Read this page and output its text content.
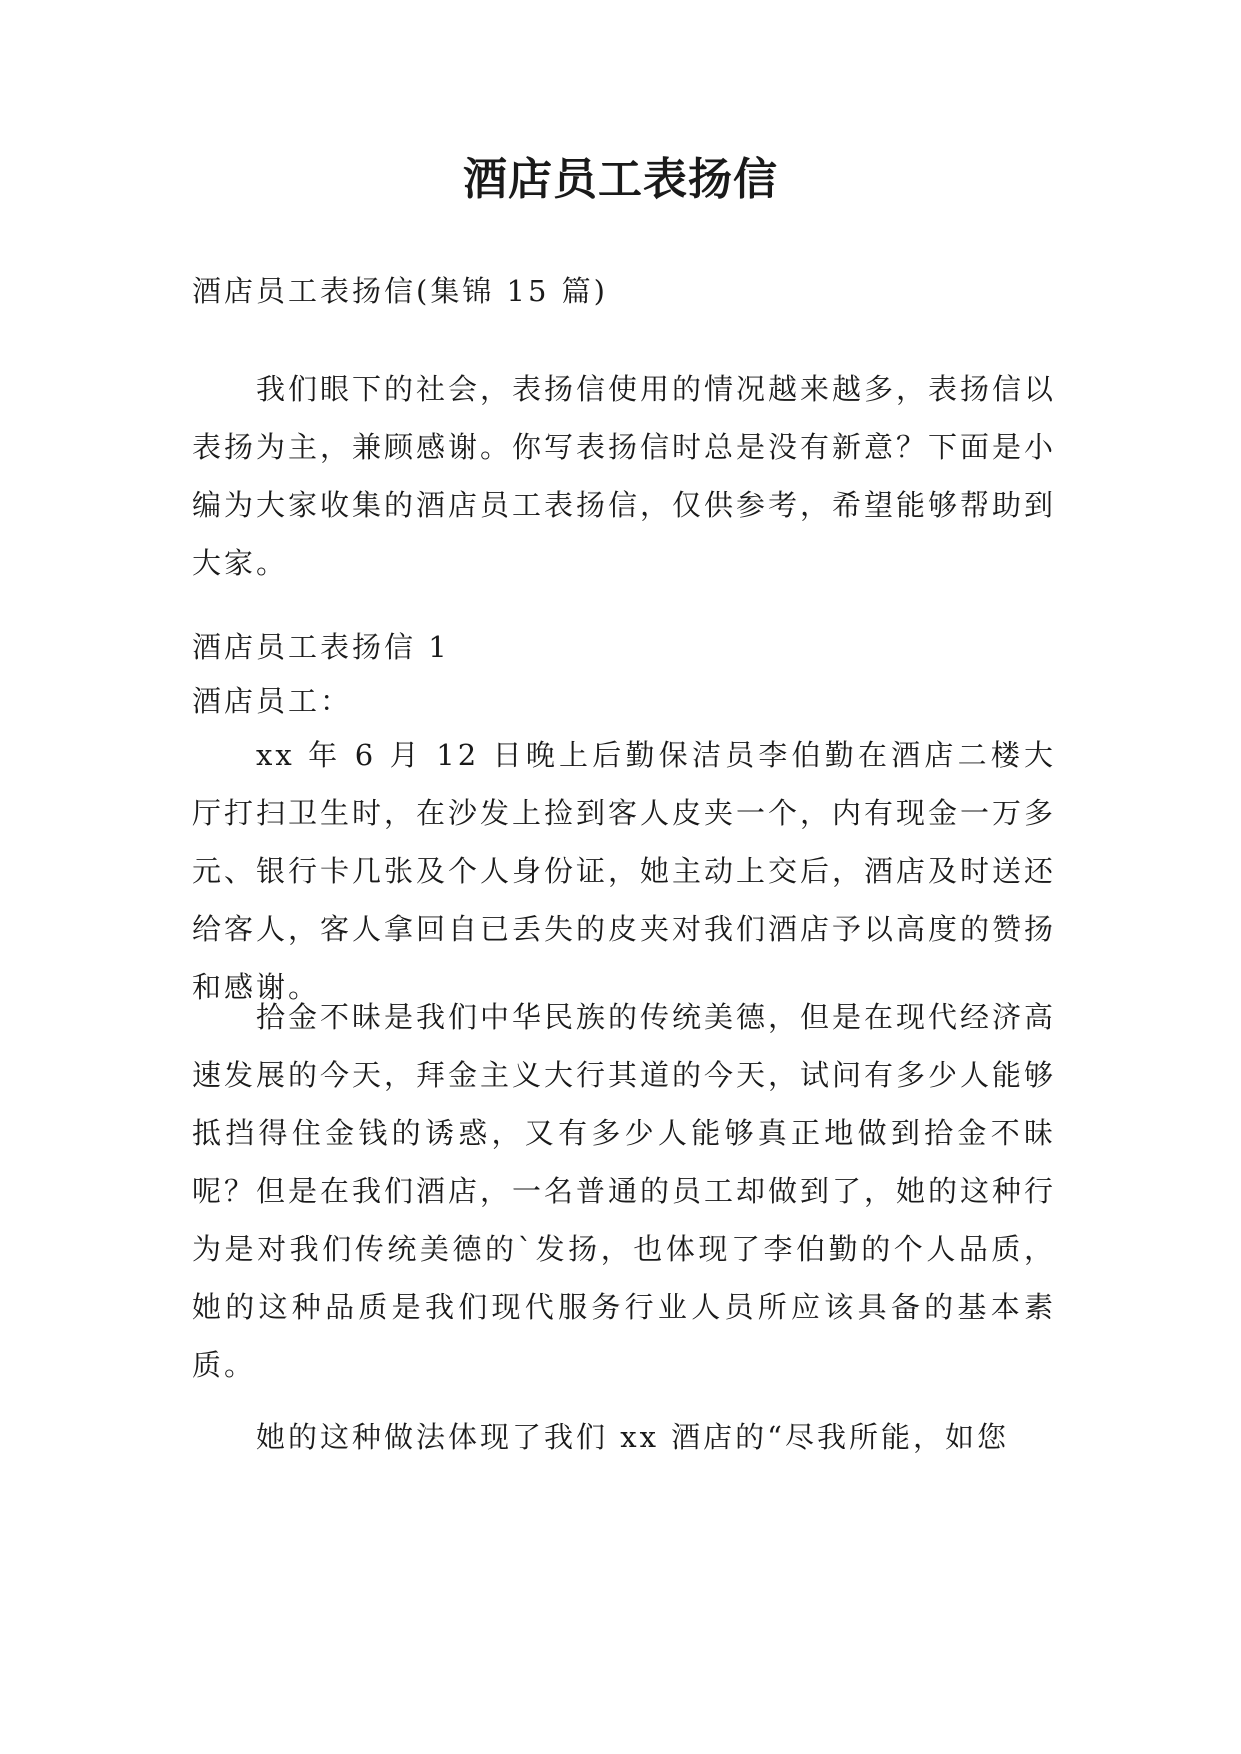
酒店员工表扬信

酒店员工表扬信(集锦 15 篇)

我们眼下的社会，表扬信使用的情况越来越多，表扬信以表扬为主，兼顾感谢。你写表扬信时总是没有新意？下面是小编为大家收集的酒店员工表扬信，仅供参考，希望能够帮助到大家。

酒店员工表扬信 1

酒店员工：

xx 年 6 月 12 日晚上后勤保洁员李伯勤在酒店二楼大厅打扫卫生时，在沙发上捡到客人皮夹一个，内有现金一万多元、银行卡几张及个人身份证，她主动上交后，酒店及时送还给客人，客人拿回自已丢失的皮夹对我们酒店予以高度的赞扬和感谢。

拾金不昧是我们中华民族的传统美德，但是在现代经济高速发展的今天，拜金主义大行其道的今天，试问有多少人能够抵挡得住金钱的诱惑，又有多少人能够真正地做到拾金不昧呢？但是在我们酒店，一名普通的员工却做到了，她的这种行为是对我们传统美德的`发扬，也体现了李伯勤的个人品质，她的这种品质是我们现代服务行业人员所应该具备的基本素质。

她的这种做法体现了我们 xx 酒店的“尽我所能，如您
